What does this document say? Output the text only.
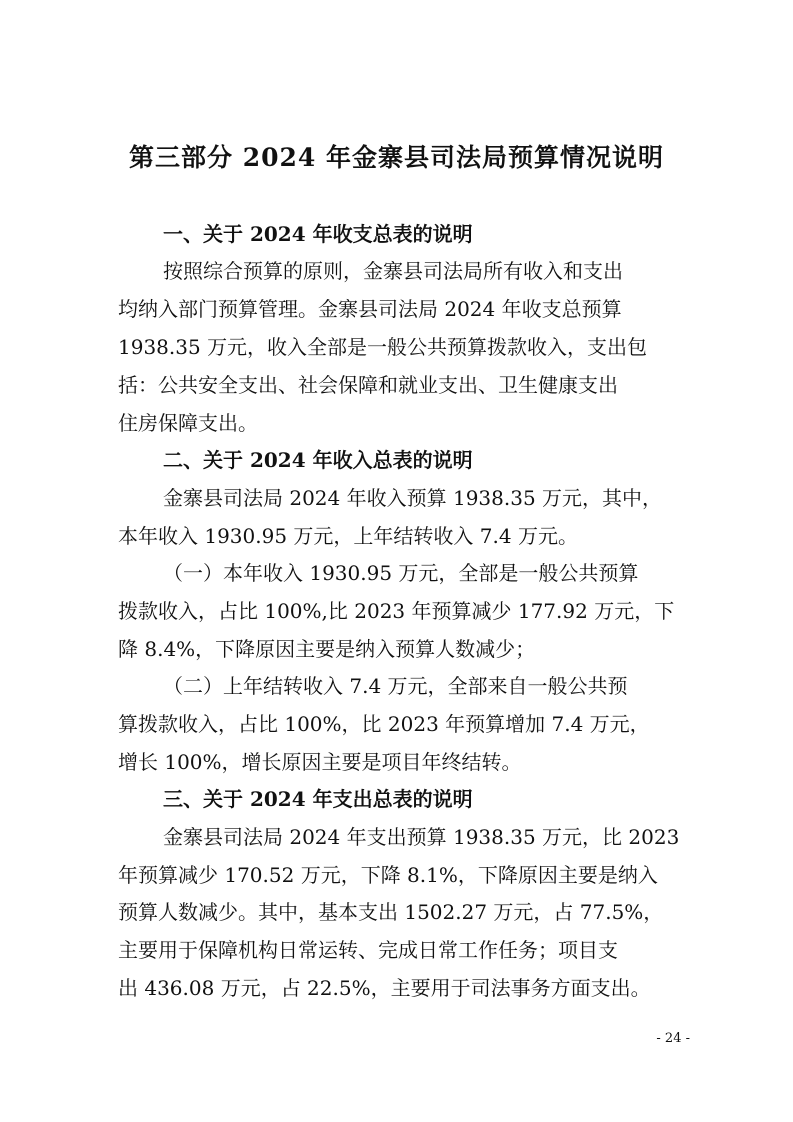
第三部分 2024 年金寨县司法局预算情况说明
一、关于 2024 年收支总表的说明
按照综合预算的原则，金寨县司法局所有收入和支出
均纳入部门预算管理。金寨县司法局 2024 年收支总预算
1938.35 万元，收入全部是一般公共预算拨款收入，支出包
括：公共安全支出、社会保障和就业支出、卫生健康支出
住房保障支出。
二、关于 2024 年收入总表的说明
金寨县司法局 2024 年收入预算 1938.35 万元，其中，
本年收入 1930.95 万元，上年结转收入 7.4 万元。
（一）本年收入 1930.95 万元，全部是一般公共预算
拨款收入，占比 100%,比 2023 年预算减少 177.92 万元，下
降 8.4%，下降原因主要是纳入预算人数减少；
（二）上年结转收入 7.4 万元，全部来自一般公共预
算拨款收入，占比 100%，比 2023 年预算增加 7.4 万元，
增长 100%，增长原因主要是项目年终结转。
三、关于 2024 年支出总表的说明
金寨县司法局 2024 年支出预算 1938.35 万元，比 2023
年预算减少 170.52 万元，下降 8.1%，下降原因主要是纳入
预算人数减少。其中，基本支出 1502.27 万元，占 77.5%，
主要用于保障机构日常运转、完成日常工作任务；项目支
出 436.08 万元，占 22.5%，主要用于司法事务方面支出。
- 24 -
